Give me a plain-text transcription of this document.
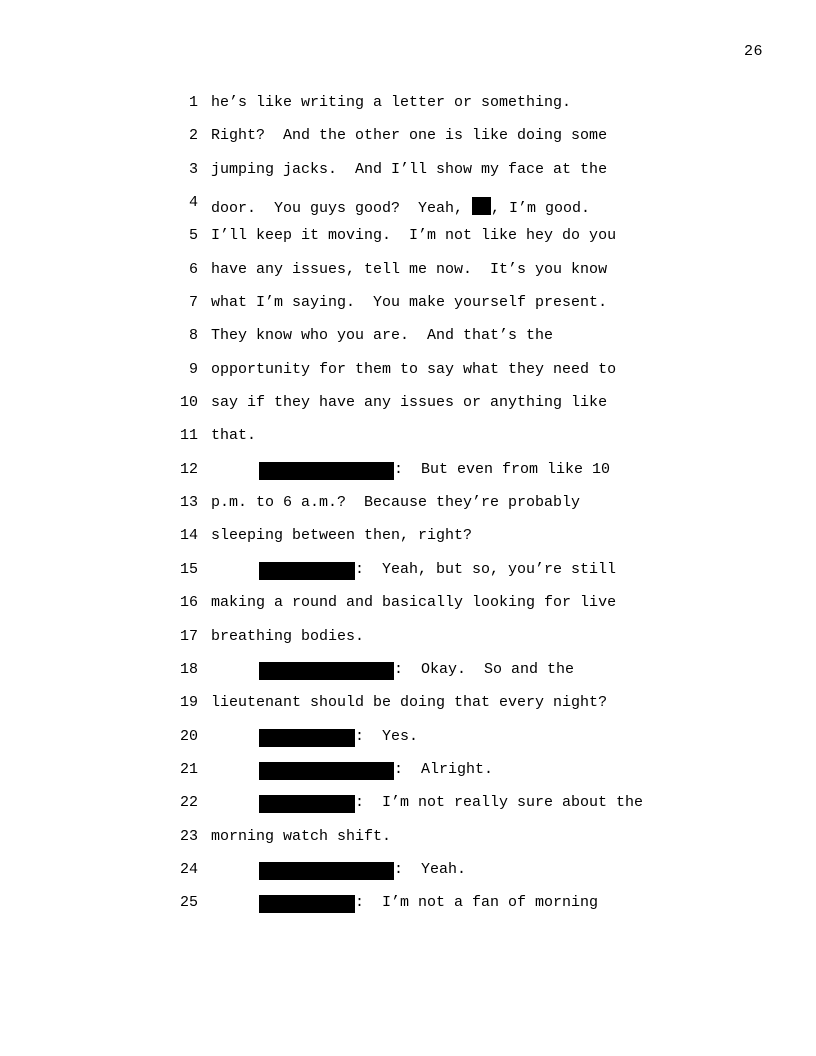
26

1

he’s like writing a letter or something.

2

Right?  And the other one is like doing some

3

jumping jacks.  And I’ll show my face at the

4

door.  You guys good?  Yeah, , I’m good.

5

I’ll keep it moving.  I’m not like hey do you

6

have any issues, tell me now.  It’s you know

7

what I’m saying.  You make yourself present.

8

They know who you are.  And that’s the

9

opportunity for them to say what they need to

10

say if they have any issues or anything like

11

that.

12

	:  But even from like 10

13

p.m. to 6 a.m.?  Because they’re probably

14

sleeping between then, right?

15

	:  Yeah, but so, you’re still

16

making a round and basically looking for live

17

breathing bodies.

18

	:  Okay.  So and the

19

lieutenant should be doing that every night?

20

	:  Yes.

21

	:  Alright.

22

	:  I’m not really sure about the

23

morning watch shift.

24

	:  Yeah.

25

	:  I’m not a fan of morning
